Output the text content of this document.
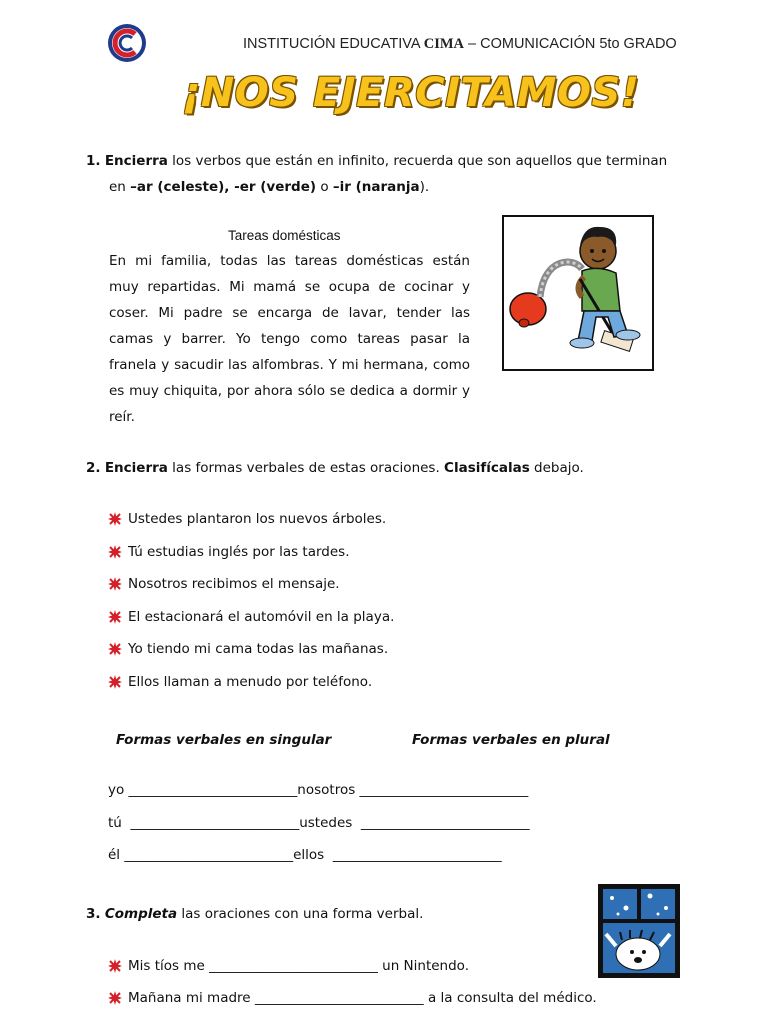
INSTITUCIÓN EDUCATIVA CIMA – COMUNICACIÓN 5to GRADO
¡NOS EJERCITAMOS!
1. Encierra los verbos que están en infinito, recuerda que son aquellos que terminan
en –ar (celeste), -er (verde) o –ir (naranja).
Tareas domésticas
En mi familia, todas las tareas domésticas están muy repartidas. Mi mamá se ocupa de cocinar y coser. Mi padre se encarga de lavar, tender las camas y barrer. Yo tengo como tareas pasar la franela y sacudir las alfombras. Y mi hermana, como es muy chiquita, por ahora sólo se dedica a dormir y reír.
2. Encierra las formas verbales de estas oraciones. Clasifícalas debajo.
Ustedes plantaron los nuevos árboles.
Tú estudias inglés por las tardes.
Nosotros recibimos el mensaje.
El estacionará el automóvil en la playa.
Yo tiendo mi cama todas las mañanas.
Ellos llaman a menudo por teléfono.
Formas verbales en singular	Formas verbales en plural
yo _________________________nosotros _________________________
tú _________________________ustedes _________________________
él _________________________ellos _________________________
3. Completa las oraciones con una forma verbal.
Mis tíos me _________________________ un Nintendo.
Mañana mi madre _________________________ a la consulta del médico.
